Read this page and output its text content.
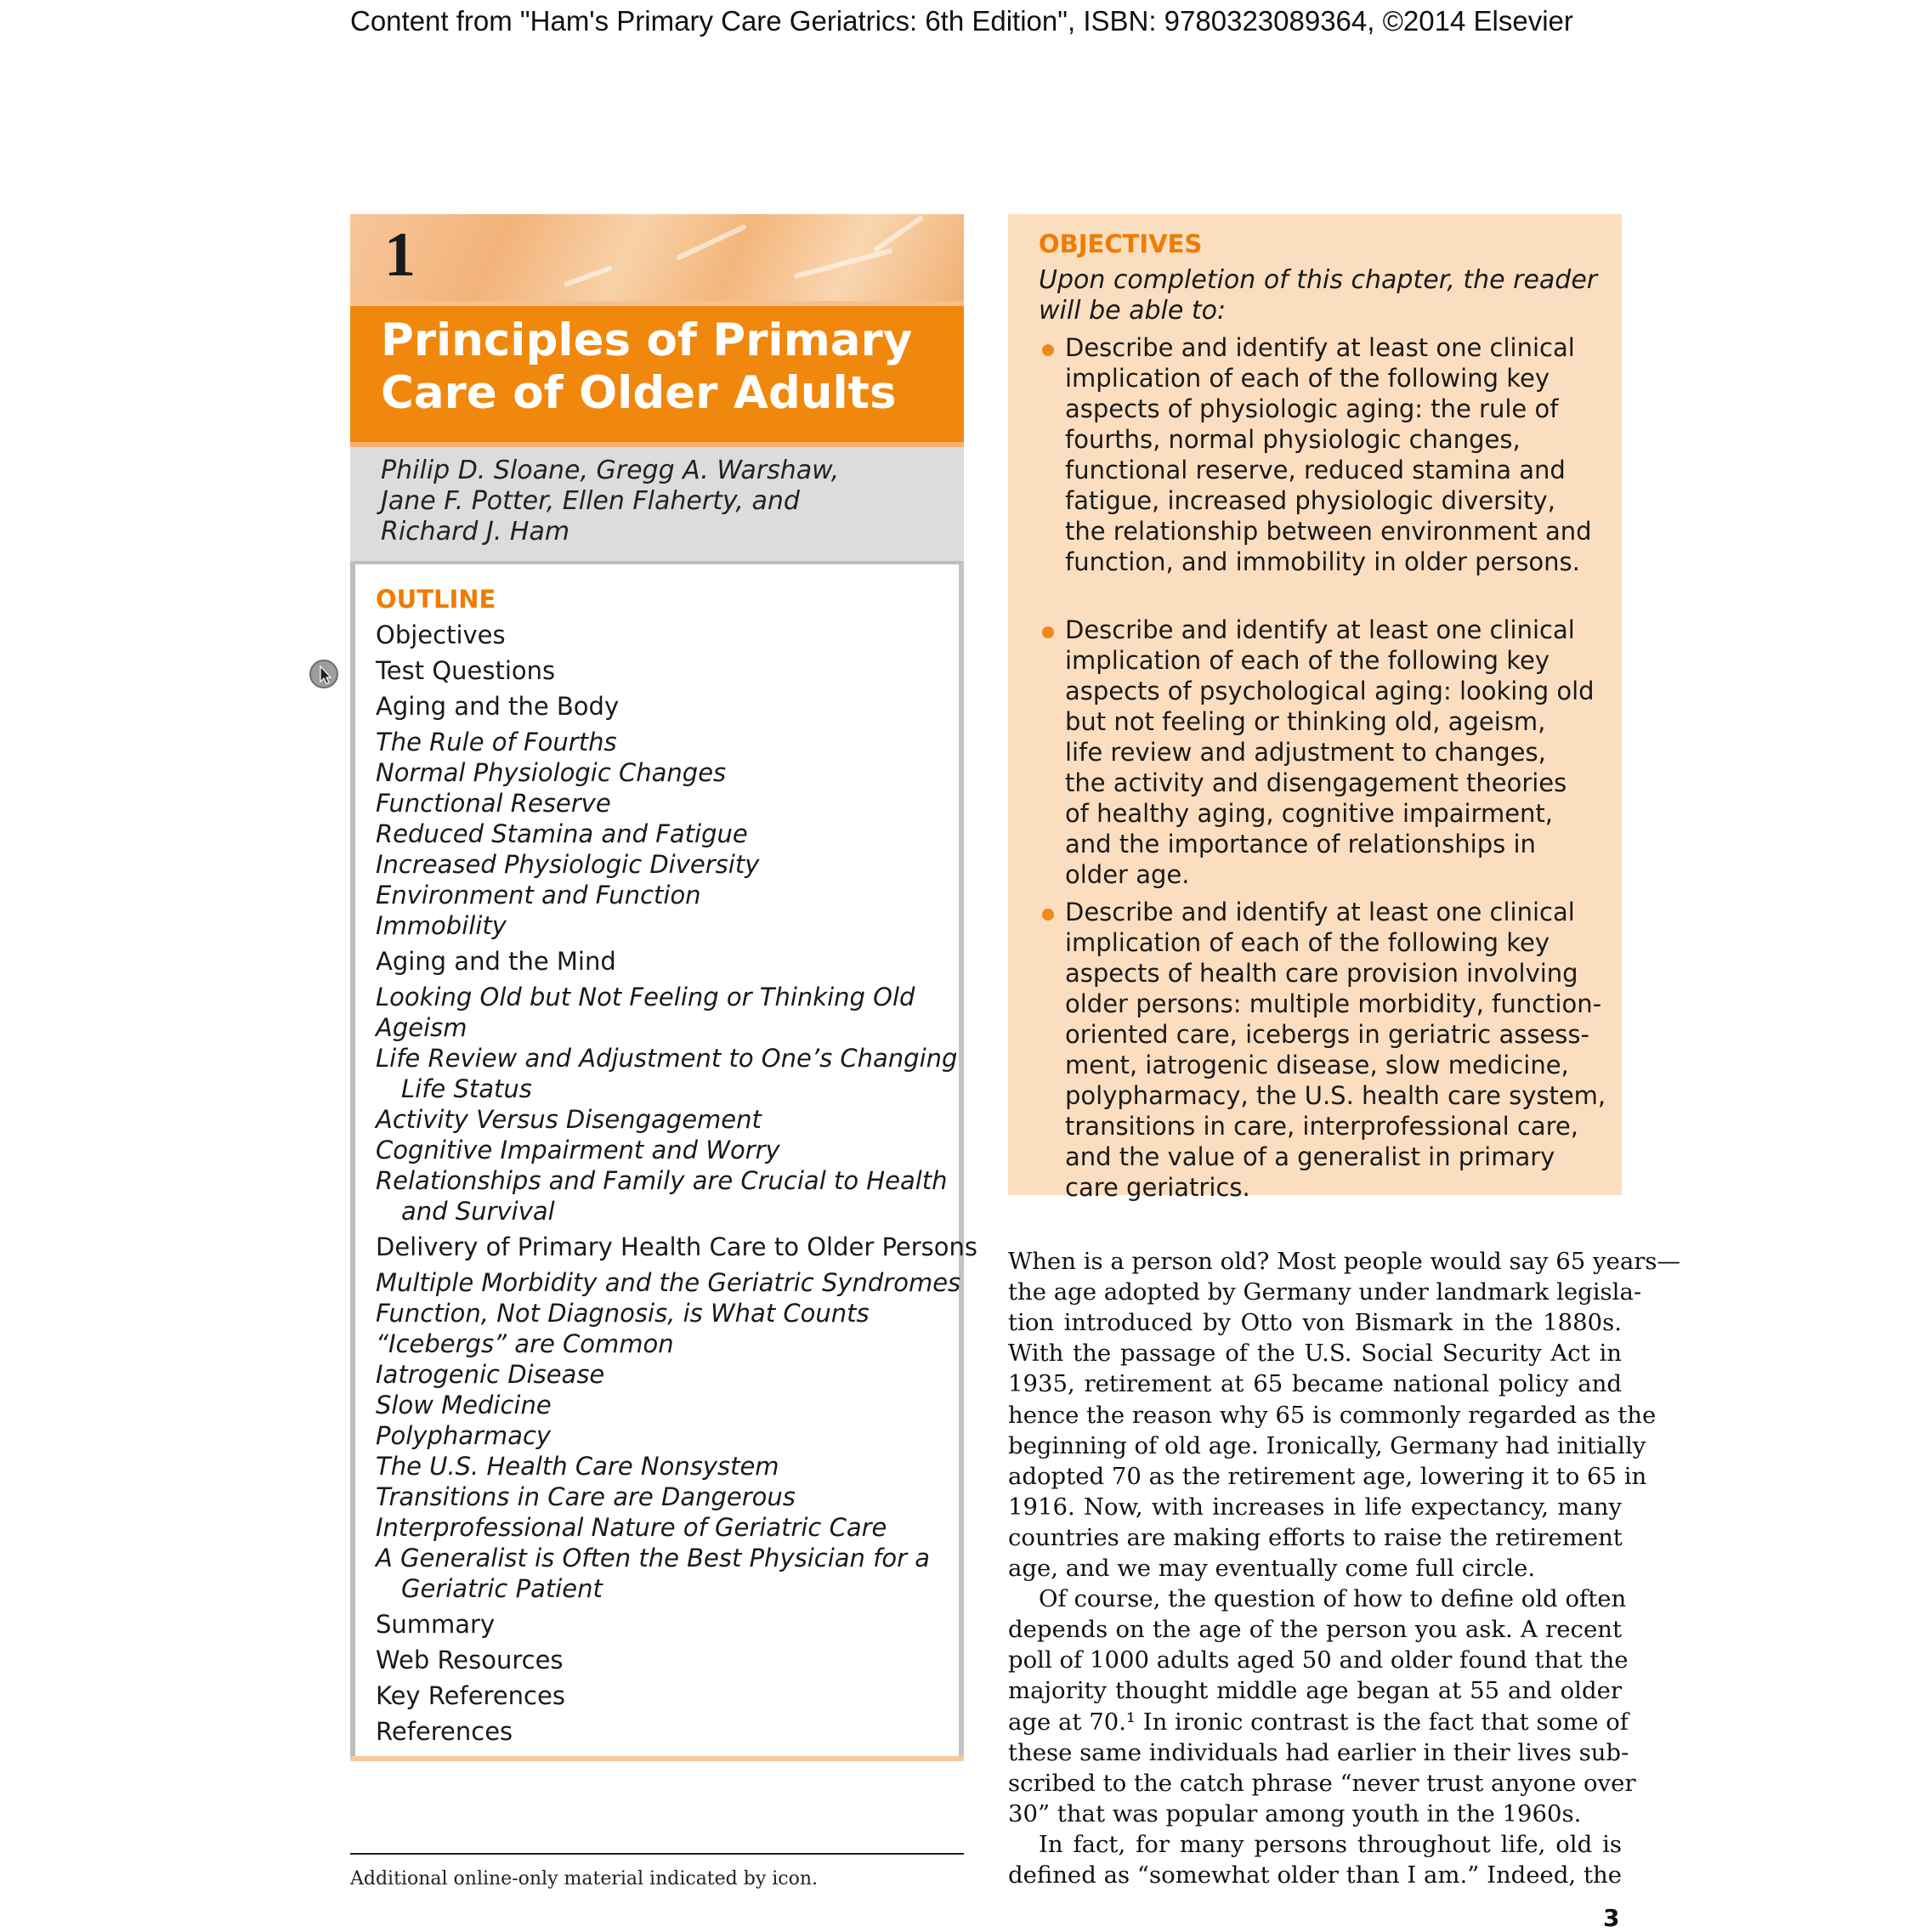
Content from "Ham's Primary Care Geriatrics: 6th Edition", ISBN: 9780323089364, ©2014 Elsevier
1
Principles of Primary
Care of Older Adults
Philip D. Sloane, Gregg A. Warshaw,
Jane F. Potter, Ellen Flaherty, and
Richard J. Ham
OUTLINE
Objectives
Test Questions
Aging and the Body
The Rule of Fourths
Normal Physiologic Changes
Functional Reserve
Reduced Stamina and Fatigue
Increased Physiologic Diversity
Environment and Function
Immobility
Aging and the Mind
Looking Old but Not Feeling or Thinking Old
Ageism
Life Review and Adjustment to One’s Changing
Life Status
Activity Versus Disengagement
Cognitive Impairment and Worry
Relationships and Family are Crucial to Health
and Survival
Delivery of Primary Health Care to Older Persons
Multiple Morbidity and the Geriatric Syndromes
Function, Not Diagnosis, is What Counts
“Icebergs” are Common
Iatrogenic Disease
Slow Medicine
Polypharmacy
The U.S. Health Care Nonsystem
Transitions in Care are Dangerous
Interprofessional Nature of Geriatric Care
A Generalist is Often the Best Physician for a
Geriatric Patient
Summary
Web Resources
Key References
References
OBJECTIVES
Upon completion of this chapter, the reader
will be able to:
Describe and identify at least one clinical
implication of each of the following key
aspects of physiologic aging: the rule of
fourths, normal physiologic changes,
functional reserve, reduced stamina and
fatigue, increased physiologic diversity,
the relationship between environment and
function, and immobility in older persons.
Describe and identify at least one clinical
implication of each of the following key
aspects of psychological aging: looking old
but not feeling or thinking old, ageism,
life review and adjustment to changes,
the activity and disengagement theories
of healthy aging, cognitive impairment,
and the importance of relationships in
older age.
Describe and identify at least one clinical
implication of each of the following key
aspects of health care provision involving
older persons: multiple morbidity, function-
oriented care, icebergs in geriatric assess-
ment, iatrogenic disease, slow medicine,
polypharmacy, the U.S. health care system,
transitions in care, interprofessional care,
and the value of a generalist in primary
care geriatrics.
When is a person old? Most people would say 65 years—
the age adopted by Germany under landmark legisla-
tion introduced by Otto von Bismark in the 1880s.
With the passage of the U.S. Social Security Act in
1935, retirement at 65 became national policy and
hence the reason why 65 is commonly regarded as the
beginning of old age. Ironically, Germany had initially
adopted 70 as the retirement age, lowering it to 65 in
1916. Now, with increases in life expectancy, many
countries are making efforts to raise the retirement
age, and we may eventually come full circle.
Of course, the question of how to define old often
depends on the age of the person you ask. A recent
poll of 1000 adults aged 50 and older found that the
majority thought middle age began at 55 and older
age at 70.¹ In ironic contrast is the fact that some of
these same individuals had earlier in their lives sub-
scribed to the catch phrase “never trust anyone over
30” that was popular among youth in the 1960s.
In fact, for many persons throughout life, old is
defined as “somewhat older than I am.” Indeed, the
Additional online-only material indicated by icon.
3
